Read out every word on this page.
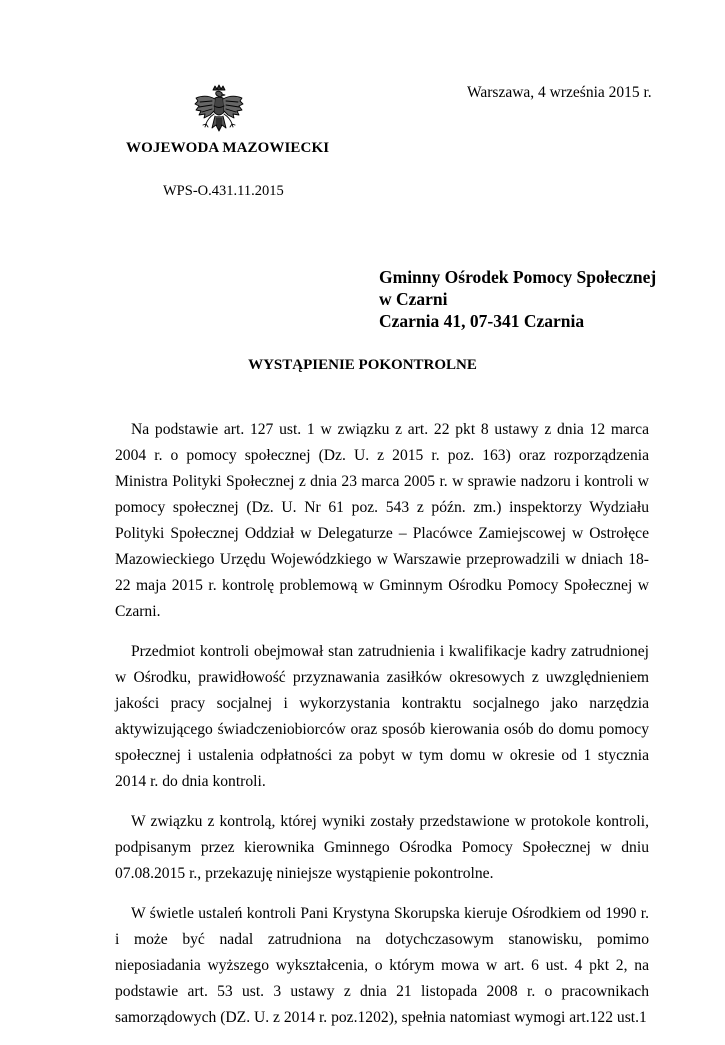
Warszawa, 4 września 2015 r.
WOJEWODA MAZOWIECKI
WPS-O.431.11.2015
Gminny Ośrodek Pomocy Społecznej
w Czarni
Czarnia 41, 07-341 Czarnia
WYSTĄPIENIE POKONTROLNE

Na podstawie art. 127 ust. 1 w związku z art. 22 pkt 8 ustawy z dnia 12 marca 2004 r. o pomocy społecznej (Dz. U. z 2015 r. poz. 163) oraz rozporządzenia Ministra Polityki Społecznej z dnia 23 marca 2005 r. w sprawie nadzoru i kontroli w pomocy społecznej (Dz. U. Nr 61 poz. 543 z późn. zm.) inspektorzy Wydziału Polityki Społecznej Oddział w Delegaturze – Placówce Zamiejscowej w Ostrołęce Mazowieckiego Urzędu Wojewódzkiego w Warszawie przeprowadzili w dniach 18-22 maja 2015 r. kontrolę problemową w Gminnym Ośrodku Pomocy Społecznej w Czarni.

Przedmiot kontroli obejmował stan zatrudnienia i kwalifikacje kadry zatrudnionej w Ośrodku, prawidłowość przyznawania zasiłków okresowych z uwzględnieniem jakości pracy socjalnej i wykorzystania kontraktu socjalnego jako narzędzia aktywizującego świadczeniobiorców oraz sposób kierowania osób do domu pomocy społecznej i ustalenia odpłatności za pobyt w tym domu w okresie od 1 stycznia 2014 r. do dnia kontroli.

W związku z kontrolą, której wyniki zostały przedstawione w protokole kontroli, podpisanym przez kierownika Gminnego Ośrodka Pomocy Społecznej w dniu 07.08.2015 r., przekazuję niniejsze wystąpienie pokontrolne.

W świetle ustaleń kontroli Pani Krystyna Skorupska kieruje Ośrodkiem od 1990 r. i może być nadal zatrudniona na dotychczasowym stanowisku, pomimo nieposiadania wyższego wykształcenia, o którym mowa w art. 6 ust. 4 pkt 2, na podstawie art. 53 ust. 3 ustawy z dnia 21 listopada 2008 r. o pracownikach samorządowych (DZ. U. z 2014 r. poz.1202), spełnia natomiast wymogi art.122 ust.1
